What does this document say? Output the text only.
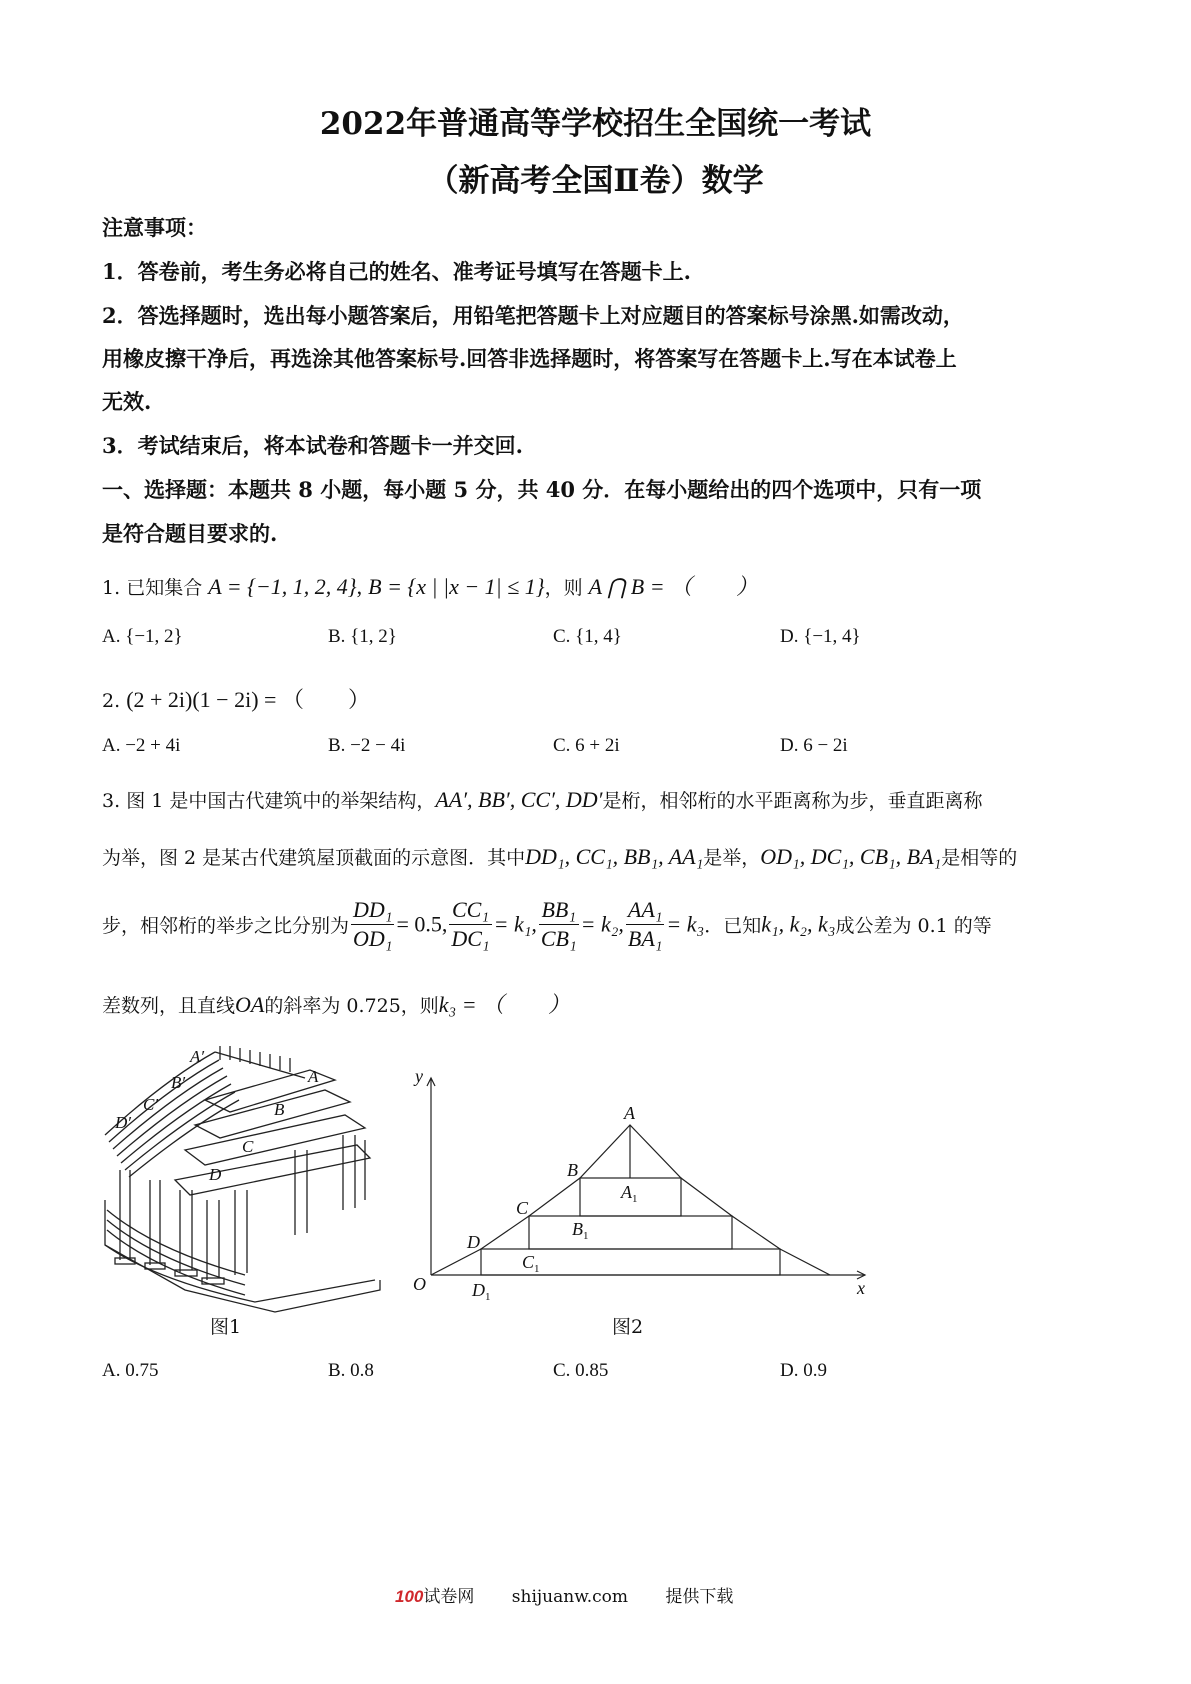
2022年普通高等学校招生全国统一考试
（新高考全国Ⅱ卷）数学
注意事项：
1．答卷前，考生务必将自己的姓名、准考证号填写在答题卡上.
2．答选择题时，选出每小题答案后，用铅笔把答题卡上对应题目的答案标号涂黑.如需改动，
用橡皮擦干净后，再选涂其他答案标号.回答非选择题时，将答案写在答题卡上.写在本试卷上
无效.
3．考试结束后，将本试卷和答题卡一并交回.
一、选择题：本题共 8 小题，每小题 5 分，共 40 分．在每小题给出的四个选项中，只有一项
是符合题目要求的.
1. 已知集合 A = {−1, 1, 2, 4}, B = {x | |x − 1| ≤ 1}，则 A ⋂ B = （　　）
A. {−1, 2}	B. {1, 2}	C. {1, 4}	D. {−1, 4}
2. (2 + 2i)(1 − 2i) = （　　）
A. −2 + 4i	B. −2 − 4i	C. 6 + 2i	D. 6 − 2i
3. 图 1 是中国古代建筑中的举架结构，AA′, BB′, CC′, DD′是桁，相邻桁的水平距离称为步，垂直距离称
为举，图 2 是某古代建筑屋顶截面的示意图．其中DD₁, CC₁, BB₁, AA₁是举，OD₁, DC₁, CB₁, BA₁是相等的
步，相邻桁的举步之比分别为 $\frac{\text{DD₁}}{\text{OD₁}} = 0.5$, $\frac{\text{CC₁}}{\text{DC₁}} = k_1$, $\frac{\text{BB₁}}{\text{CB₁}} = k_2$, $\frac{\text{AA₁}}{\text{BA₁}} = k_3$．已知k₁, k₂, k₃成公差为 0.1 的等
差数列，且直线OA的斜率为 0.725，则k₃ = （　　）
A′
B′
C′
D′
A
B
C
D
y
x
O
A
B
C
D
$A_1$
$B_1$
$C_1$
$D_1$
图1	图2
A. 0.75	B. 0.8	C. 0.85	D. 0.9
100试卷网 shijuanw.com 提供下载
